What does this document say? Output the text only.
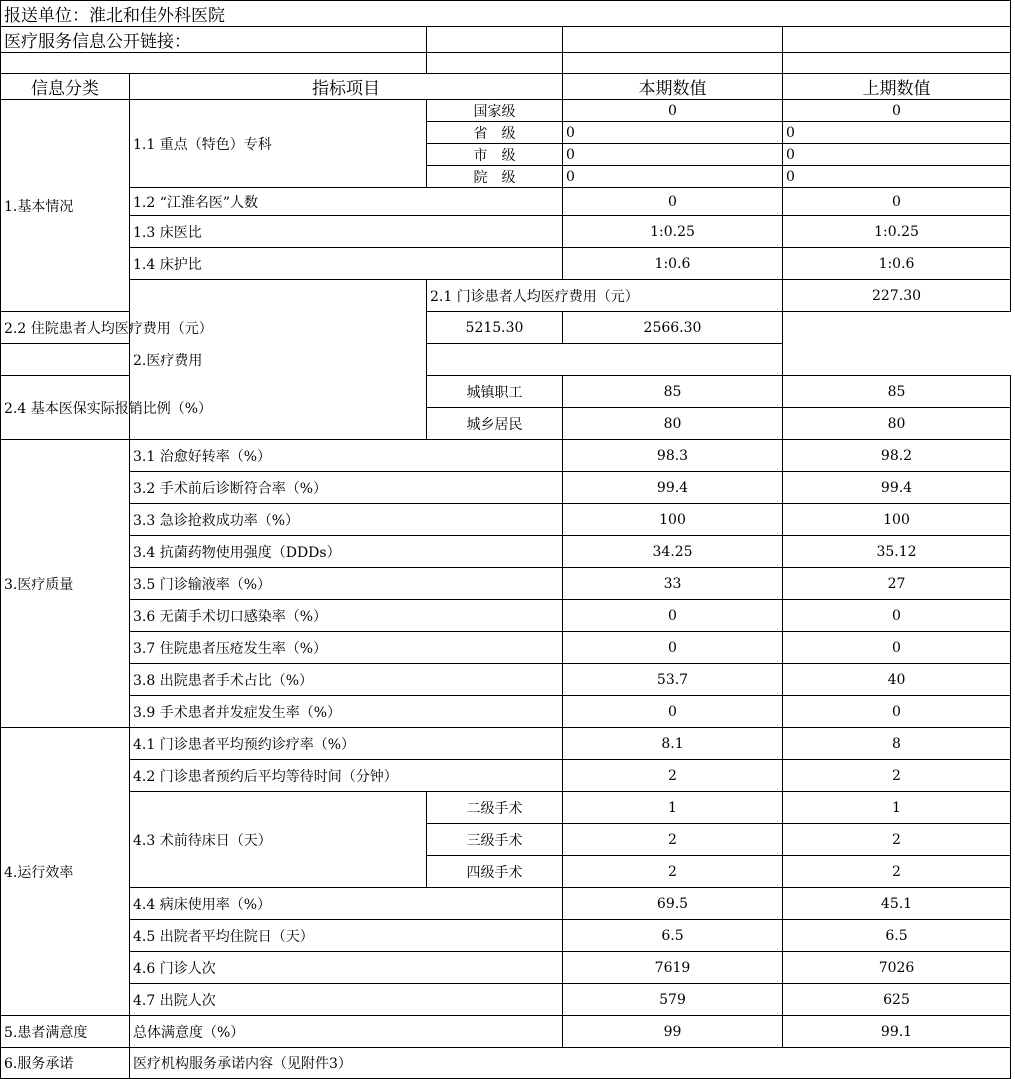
报送单位：淮北和佳外科医院					
医疗服务信息公开链接：					

信息分类	指标项目		本期数值	上期数值	
1.基本情况	1.1 重点（特色）专科	国家级	0	0	
		省　级	0	0	
		市　级	0	0	
		院　级	0	0	
	1.2 “江淮名医”人数		0	0	
	1.3 床医比		1:0.25	1:0.25	
	1.4 床护比		1:0.6	1:0.6	
	2.医疗费用	2.1 门诊患者人均医疗费用（元）		227.30	
2.2 住院患者人均医疗费用（元）		5215.30	2566.30		

2.4 基本医保实际报销比例（%）		城镇职工	85	85	
		城乡居民	80	80	
3.医疗质量	3.1 治愈好转率（%）		98.3	98.2	
	3.2 手术前后诊断符合率（%）		99.4	99.4	
	3.3 急诊抢救成功率（%）		100	100	
	3.4 抗菌药物使用强度（DDDs）		34.25	35.12	
	3.5 门诊输液率（%）		33	27	
	3.6 无菌手术切口感染率（%）		0	0	
	3.7 住院患者压疮发生率（%）		0	0	
	3.8 出院患者手术占比（%）		53.7	40	
	3.9 手术患者并发症发生率（%）		0	0	
4.运行效率	4.1 门诊患者平均预约诊疗率（%）		8.1	8	
	4.2 门诊患者预约后平均等待时间（分钟）		2	2	
	4.3 术前待床日（天）	二级手术	1	1	
		三级手术	2	2	
		四级手术	2	2	
	4.4 病床使用率（%）		69.5	45.1	
	4.5 出院者平均住院日（天）		6.5	6.5	
	4.6 门诊人次		7619	7026	
	4.7 出院人次		579	625	
5.患者满意度	总体满意度（%）		99	99.1	
6.服务承诺	医疗机构服务承诺内容（见附件3）				
